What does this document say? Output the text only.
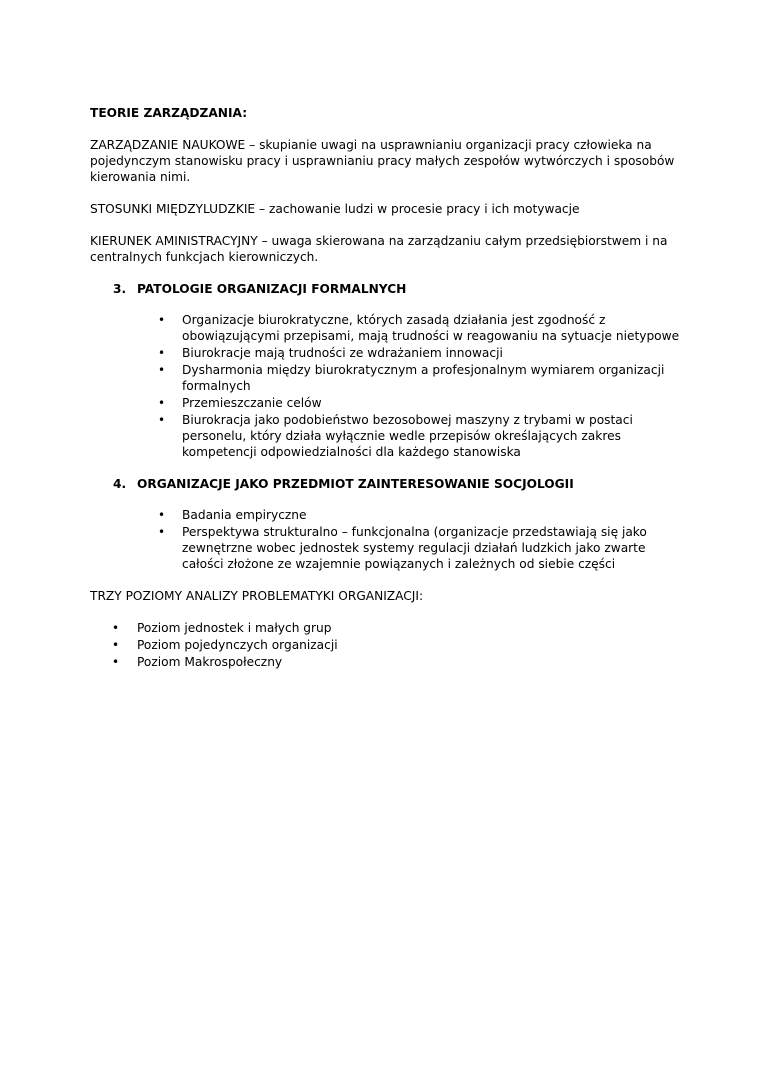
TEORIE ZARZĄDZANIA:

ZARZĄDZANIE NAUKOWE – skupianie uwagi na usprawnianiu organizacji pracy człowieka na pojedynczym stanowisku pracy i usprawnianiu pracy małych zespołów wytwórczych i sposobów kierowania nimi.

STOSUNKI MIĘDZYLUDZKIE – zachowanie ludzi w procesie pracy i ich motywacje

KIERUNEK AMINISTRACYJNY – uwaga skierowana na zarządzaniu całym przedsiębiorstwem i na centralnych funkcjach kierowniczych.

3. PATOLOGIE ORGANIZACJI FORMALNYCH

• Organizacje biurokratyczne, których zasadą działania jest zgodność z obowiązującymi przepisami, mają trudności w reagowaniu na sytuacje nietypowe
• Biurokracje mają trudności ze wdrażaniem innowacji
• Dysharmonia między biurokratycznym a profesjonalnym wymiarem organizacji formalnych
• Przemieszczanie celów
• Biurokracja jako podobieństwo bezosobowej maszyny z trybami w postaci personelu, który działa wyłącznie wedle przepisów określających zakres kompetencji odpowiedzialności dla każdego stanowiska

4. ORGANIZACJE JAKO PRZEDMIOT ZAINTERESOWANIE SOCJOLOGII

• Badania empiryczne
• Perspektywa strukturalno – funkcjonalna (organizacje przedstawiają się jako zewnętrzne wobec jednostek systemy regulacji działań ludzkich jako zwarte całości złożone ze wzajemnie powiązanych i zależnych od siebie części

TRZY POZIOMY ANALIZY PROBLEMATYKI ORGANIZACJI:

• Poziom jednostek i małych grup
• Poziom pojedynczych organizacji
• Poziom Makrospołeczny
